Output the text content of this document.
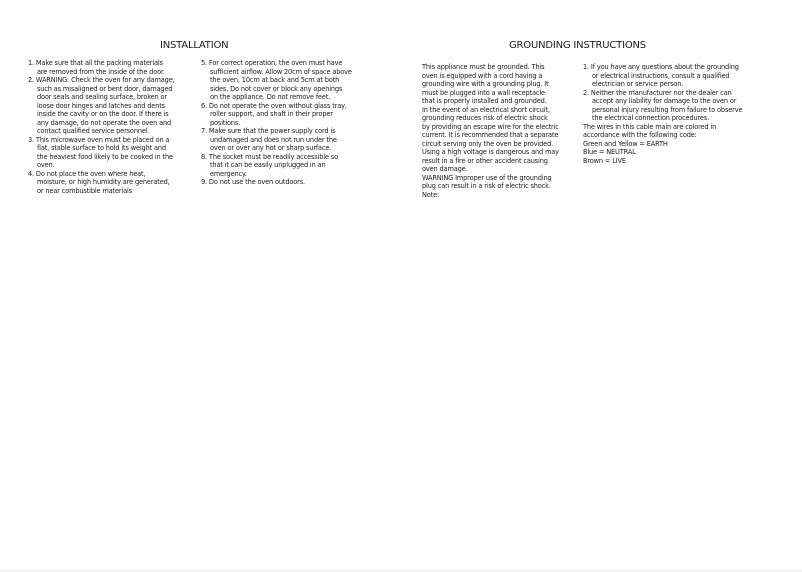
INSTALLATION	GROUNDING INSTRUCTIONS
1. Make sure that all the packing materials
are removed from the inside of the door.
2. WARNING: Check the oven for any damage,
such as misaligned or bent door, damaged
door seals and sealing surface, broken or
loose door hinges and latches and dents
inside the cavity or on the door. If there is
any damage, do not operate the oven and
contact qualified service personnel.
3. This microwave oven must be placed on a
flat, stable surface to hold its weight and
the heaviest food likely to be cooked in the
oven.
4. Do not place the oven where heat,
moisture, or high humidity are generated,
or near combustible materials
5. For correct operation, the oven must have
sufficient airflow. Allow 20cm of space above
the oven, 10cm at back and 5cm at both
sides. Do not cover or block any openings
on the appliance. Do not remove feet.
6. Do not operate the oven without glass tray,
roller support, and shaft in their proper
positions.
7. Make sure that the power supply cord is
undamaged and does not run under the
oven or over any hot or sharp surface.
8. The socket must be readily accessible so
that it can be easily unplugged in an
emergency.
9. Do not use the oven outdoors.
This appliance must be grounded. This
oven is equipped with a cord having a
grounding wire with a grounding plug. It
must be plugged into a wall receptacle
that is properly installed and grounded.
In the event of an electrical short circuit,
grounding reduces risk of electric shock
by providing an escape wire for the electric
current. It is recommended that a separate
circuit serving only the oven be provided.
Using a high voltage is dangerous and may
result in a fire or other accident causing
oven damage.
WARNING Improper use of the grounding
plug can result in a risk of electric shock.
Note:
1. If you have any questions about the grounding
or electrical instructions, consult a qualified
electrician or service person.
2. Neither the manufacturer nor the dealer can
accept any liability for damage to the oven or
personal injury resulting from failure to observe
the electrical connection procedures.
The wires in this cable main are colored in
accordance with the following code:
Green and Yellow = EARTH
Blue = NEUTRAL
Brown = LIVE
